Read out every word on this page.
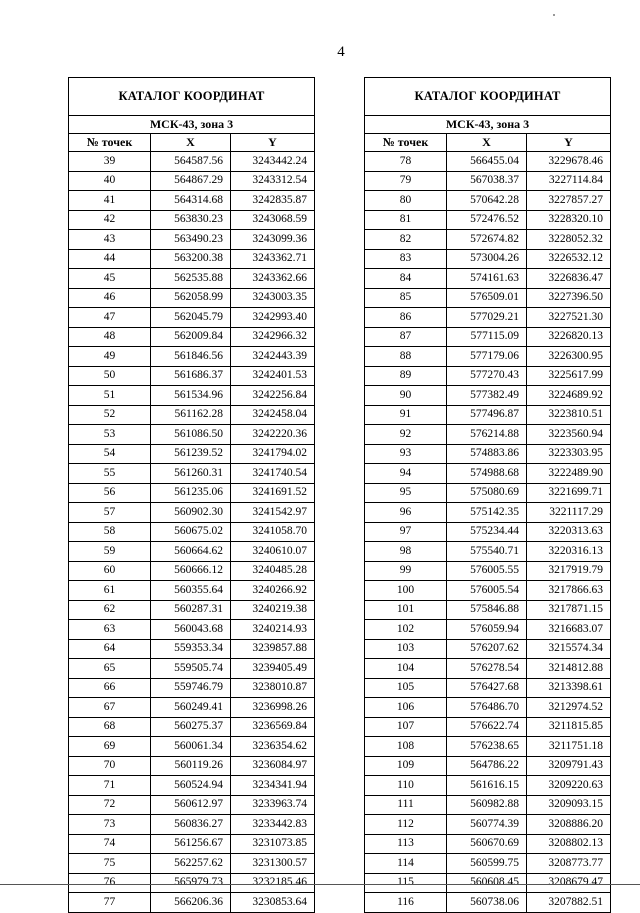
4
КАТАЛОГ КООРДИНАТ		
МСК-43, зона 3		
№ точек	X	Y
39	564587.56	3243442.24
40	564867.29	3243312.54
41	564314.68	3242835.87
42	563830.23	3243068.59
43	563490.23	3243099.36
44	563200.38	3243362.71
45	562535.88	3243362.66
46	562058.99	3243003.35
47	562045.79	3242993.40
48	562009.84	3242966.32
49	561846.56	3242443.39
50	561686.37	3242401.53
51	561534.96	3242256.84
52	561162.28	3242458.04
53	561086.50	3242220.36
54	561239.52	3241794.02
55	561260.31	3241740.54
56	561235.06	3241691.52
57	560902.30	3241542.97
58	560675.02	3241058.70
59	560664.62	3240610.07
60	560666.12	3240485.28
61	560355.64	3240266.92
62	560287.31	3240219.38
63	560043.68	3240214.93
64	559353.34	3239857.88
65	559505.74	3239405.49
66	559746.79	3238010.87
67	560249.41	3236998.26
68	560275.37	3236569.84
69	560061.34	3236354.62
70	560119.26	3236084.97
71	560524.94	3234341.94
72	560612.97	3233963.74
73	560836.27	3233442.83
74	561256.67	3231073.85
75	562257.62	3231300.57
76	565979.73	3232185.46
77	566206.36	3230853.64
КАТАЛОГ КООРДИНАТ		
МСК-43, зона 3		
№ точек	X	Y
78	566455.04	3229678.46
79	567038.37	3227114.84
80	570642.28	3227857.27
81	572476.52	3228320.10
82	572674.82	3228052.32
83	573004.26	3226532.12
84	574161.63	3226836.47
85	576509.01	3227396.50
86	577029.21	3227521.30
87	577115.09	3226820.13
88	577179.06	3226300.95
89	577270.43	3225617.99
90	577382.49	3224689.92
91	577496.87	3223810.51
92	576214.88	3223560.94
93	574883.86	3223303.95
94	574988.68	3222489.90
95	575080.69	3221699.71
96	575142.35	3221117.29
97	575234.44	3220313.63
98	575540.71	3220316.13
99	576005.55	3217919.79
100	576005.54	3217866.63
101	575846.88	3217871.15
102	576059.94	3216683.07
103	576207.62	3215574.34
104	576278.54	3214812.88
105	576427.68	3213398.61
106	576486.70	3212974.52
107	576622.74	3211815.85
108	576238.65	3211751.18
109	564786.22	3209791.43
110	561616.15	3209220.63
111	560982.88	3209093.15
112	560774.39	3208886.20
113	560670.69	3208802.13
114	560599.75	3208773.77
115	560608.45	3208679.47
116	560738.06	3207882.51
